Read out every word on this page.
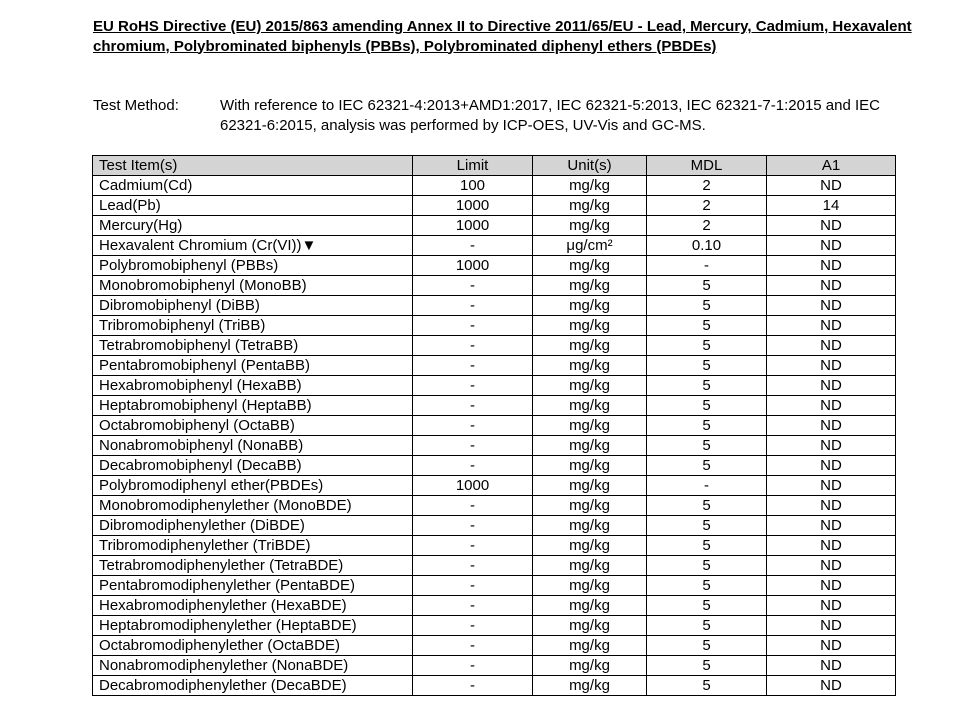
EU RoHS Directive (EU) 2015/863 amending Annex II to Directive 2011/65/EU - Lead, Mercury, Cadmium, Hexavalent chromium, Polybrominated biphenyls (PBBs), Polybrominated diphenyl ethers (PBDEs)
Test Method:	With reference to IEC 62321-4:2013+AMD1:2017, IEC 62321-5:2013, IEC 62321-7-1:2015 and IEC 62321-6:2015, analysis was performed by ICP-OES, UV-Vis and GC-MS.
Test Item(s)	Limit	Unit(s)	MDL	A1
Cadmium(Cd)	100	mg/kg	2	ND
Lead(Pb)	1000	mg/kg	2	14
Mercury(Hg)	1000	mg/kg	2	ND
Hexavalent Chromium (Cr(VI))▼	-	μg/cm²	0.10	ND
Polybromobiphenyl (PBBs)	1000	mg/kg	-	ND
Monobromobiphenyl (MonoBB)	-	mg/kg	5	ND
Dibromobiphenyl (DiBB)	-	mg/kg	5	ND
Tribromobiphenyl (TriBB)	-	mg/kg	5	ND
Tetrabromobiphenyl (TetraBB)	-	mg/kg	5	ND
Pentabromobiphenyl (PentaBB)	-	mg/kg	5	ND
Hexabromobiphenyl (HexaBB)	-	mg/kg	5	ND
Heptabromobiphenyl (HeptaBB)	-	mg/kg	5	ND
Octabromobiphenyl (OctaBB)	-	mg/kg	5	ND
Nonabromobiphenyl (NonaBB)	-	mg/kg	5	ND
Decabromobiphenyl (DecaBB)	-	mg/kg	5	ND
Polybromodiphenyl ether(PBDEs)	1000	mg/kg	-	ND
Monobromodiphenylether (MonoBDE)	-	mg/kg	5	ND
Dibromodiphenylether (DiBDE)	-	mg/kg	5	ND
Tribromodiphenylether (TriBDE)	-	mg/kg	5	ND
Tetrabromodiphenylether (TetraBDE)	-	mg/kg	5	ND
Pentabromodiphenylether (PentaBDE)	-	mg/kg	5	ND
Hexabromodiphenylether (HexaBDE)	-	mg/kg	5	ND
Heptabromodiphenylether (HeptaBDE)	-	mg/kg	5	ND
Octabromodiphenylether (OctaBDE)	-	mg/kg	5	ND
Nonabromodiphenylether (NonaBDE)	-	mg/kg	5	ND
Decabromodiphenylether (DecaBDE)	-	mg/kg	5	ND
